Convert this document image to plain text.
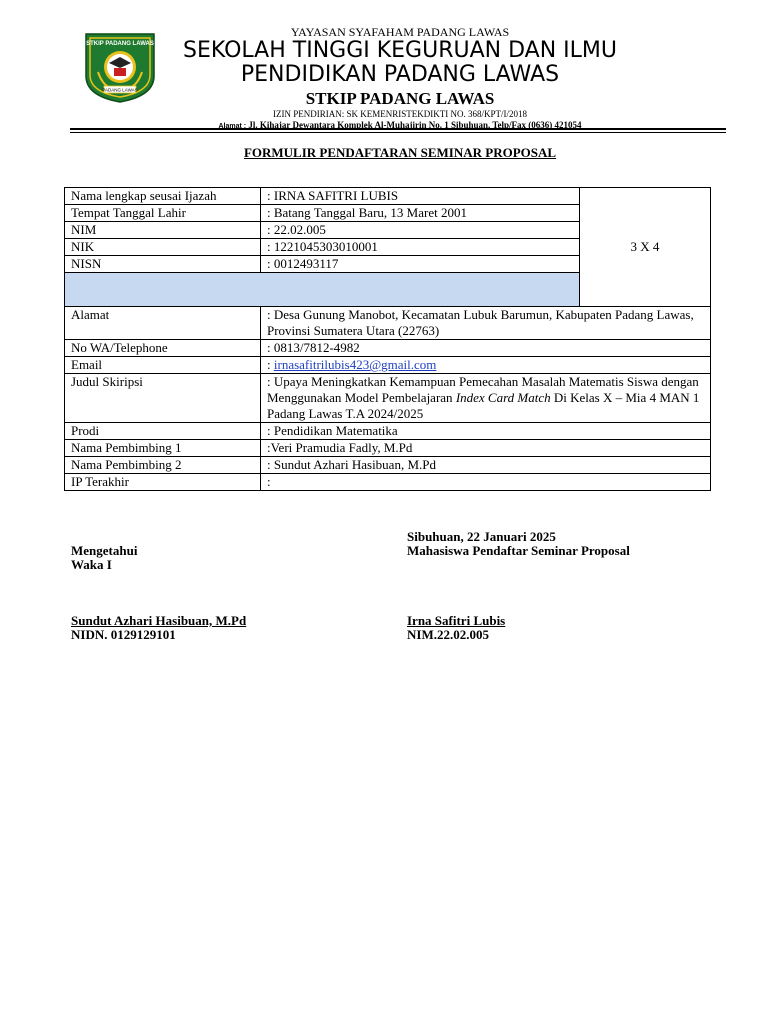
STKIP PADANG LAWAS
PADANG LAWAS
YAYASAN SYAFAHAM PADANG LAWAS
SEKOLAH TINGGI KEGURUAN DAN ILMU
PENDIDIKAN PADANG LAWAS
STKIP PADANG LAWAS
IZIN PENDIRIAN: SK KEMENRISTEKDIKTI NO. 368/KPT/I/2018
Alamat : Jl. Kihajar Dewantara Komplek Al-Muhajirin No. 1 Sibuhuan, Telp/Fax (0636) 421054
FORMULIR PENDAFTARAN SEMINAR PROPOSAL
Nama lengkap seusai Ijazah	: IRNA SAFITRI LUBIS	3 X 4
Tempat Tanggal Lahir	: Batang Tanggal Baru, 13 Maret 2001	
NIM	: 22.02.005	
NIK	: 1221045303010001	
NISN	: 0012493117	

Alamat	: Desa Gunung Manobot, Kecamatan Lubuk Barumun, Kabupaten Padang Lawas, Provinsi Sumatera Utara (22763)	
No WA/Telephone	: 0813/7812-4982	
Email	: irnasafitrilubis423@gmail.com	
Judul Skiripsi	: Upaya Meningkatkan Kemampuan Pemecahan Masalah Matematis Siswa dengan Menggunakan Model Pembelajaran Index Card Match Di Kelas X – Mia 4 MAN 1 Padang Lawas T.A 2024/2025	
Prodi	: Pendidikan Matematika	
Nama Pembimbing 1	:Veri Pramudia Fadly, M.Pd	
Nama Pembimbing 2	: Sundut Azhari Hasibuan, M.Pd	
IP Terakhir	:	
Sibuhuan, 22 Januari 2025
Mengetahui	Mahasiswa Pendaftar Seminar Proposal
Waka I
Sundut Azhari Hasibuan, M.Pd	Irna Safitri Lubis
NIDN. 0129129101	NIM.22.02.005
